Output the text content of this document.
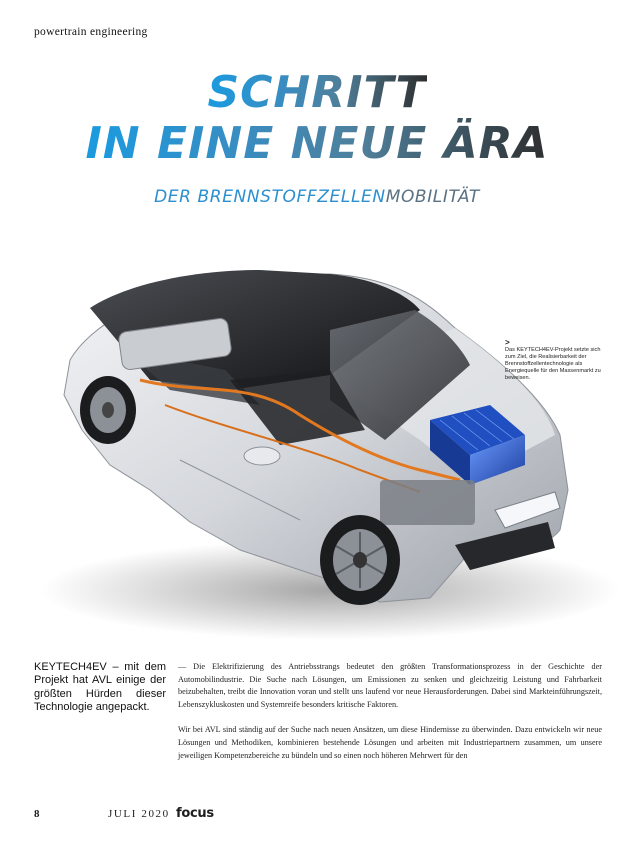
powertrain engineering
SCHRITT
IN EINE NEUE ÄRA
DER BRENNSTOFFZELLENMOBILITÄT
>
Das KEYTECH4EV-Projekt setzte sich zum Ziel, die Realisierbarkeit der Brennstoffzellentechnologie als Energiequelle für den Massenmarkt zu beweisen.
KEYTECH4EV – mit dem Projekt hat AVL einige der größten Hürden dieser Technologie angepackt.

— Die Elektrifizierung des Antriebsstrangs bedeutet den größten Transformationsprozess in der Geschichte der Automobilindustrie. Die Suche nach Lösungen, um Emissionen zu senken und gleichzeitig Leistung und Fahrbarkeit beizubehalten, treibt die Innovation voran und stellt uns laufend vor neue Herausforderungen. Dabei sind Markteinführungszeit, Lebenszykluskosten und Systemreife besonders kritische Faktoren.

Wir bei AVL sind ständig auf der Suche nach neuen Ansätzen, um diese Hindernisse zu überwinden. Dazu entwickeln wir neue Lösungen und Methodiken, kombinieren bestehende Lösungen und arbeiten mit Industriepartnern zusammen, um unsere jeweiligen Kompetenzbereiche zu bündeln und so einen noch höheren Mehrwert für den

8	JULI 2020 focus
